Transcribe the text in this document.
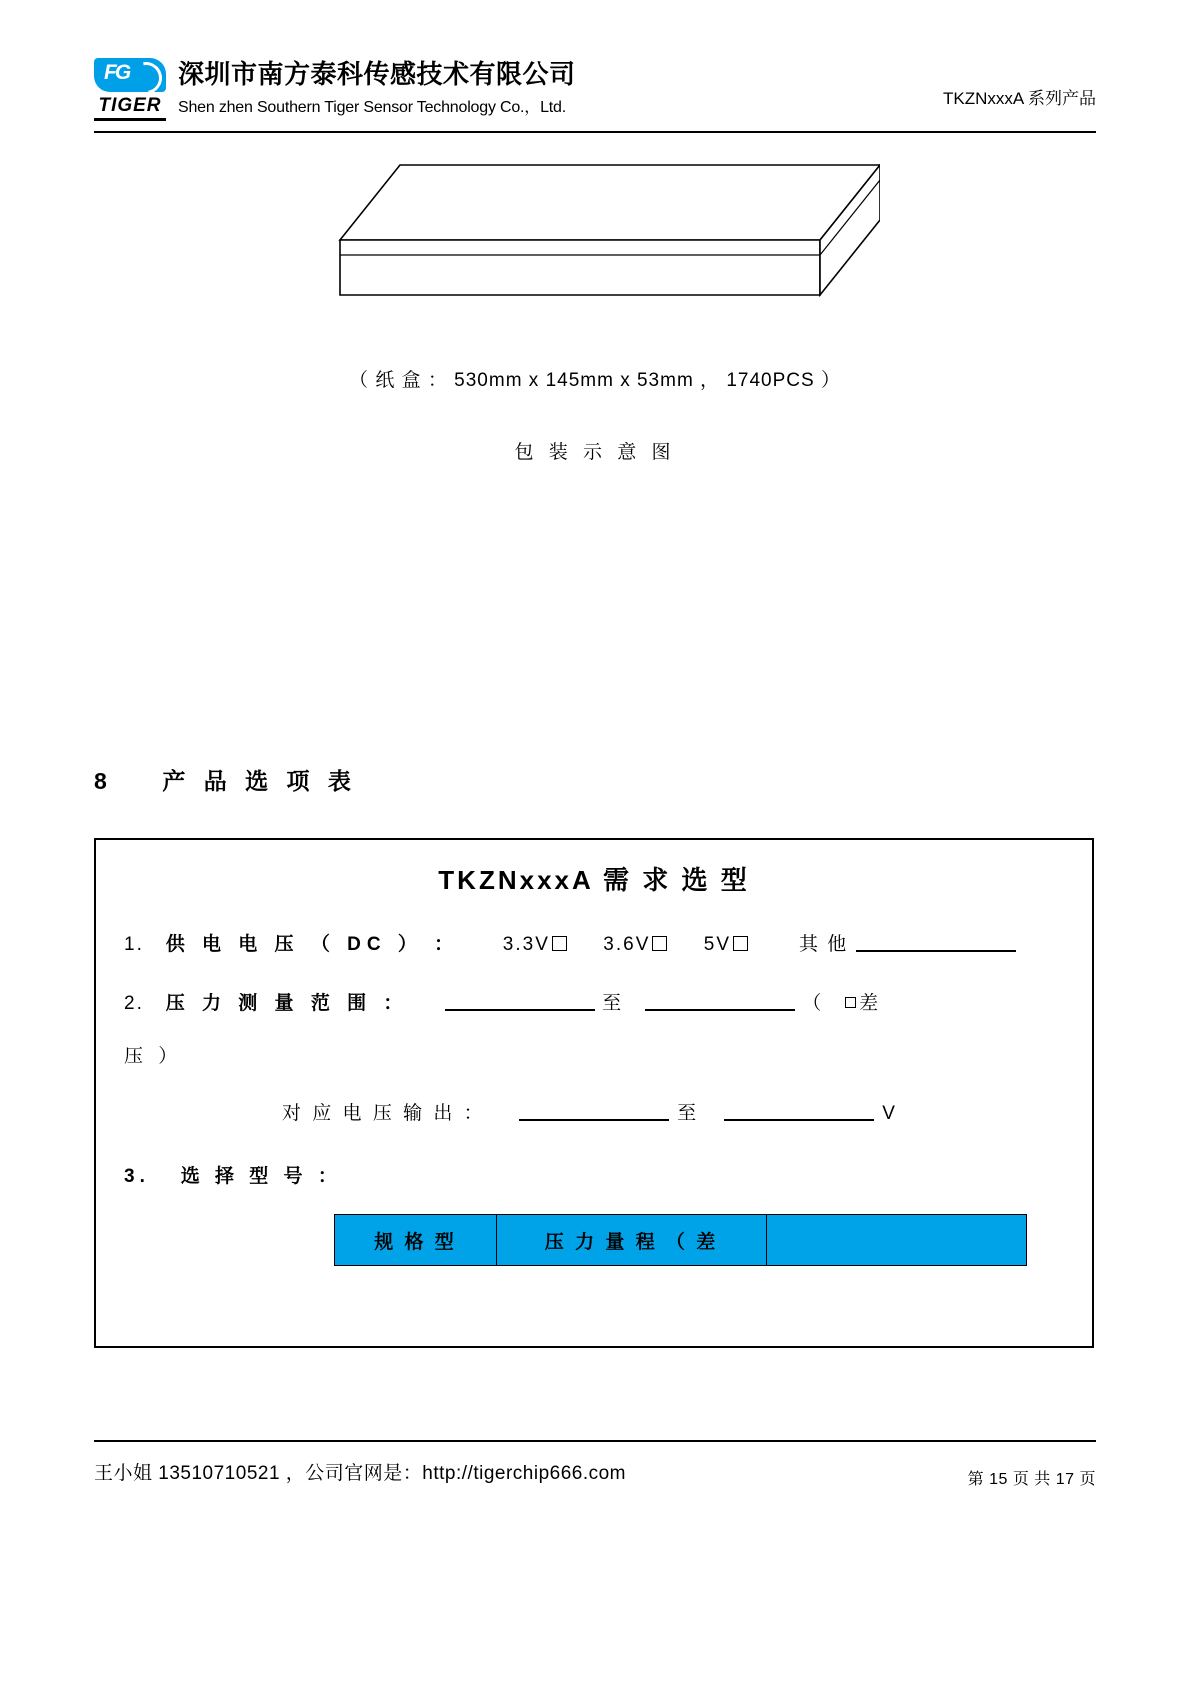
FG
TIGER
深圳市南方泰科传感技术有限公司
Shen zhen Southern Tiger Sensor Technology Co.，Ltd.	TKZNxxxA 系列产品
（ 纸 盒 ： 530mm x 145mm x 53mm ， 1740PCS ）
包 装 示 意 图
8 产 品 选 项 表
TKZNxxxA 需 求 选 型
1. 供 电 电 压 （ DC ） ： 3.3V	3.6V	5V	其 他
2. 压 力 测 量 范 围 ：	至	（ 差
压 ）
对 应 电 压 输 出 ：	至	V
3. 选 择 型 号 ：
规 格 型	压 力 量 程 （ 差	
王小姐 13510710521 ，公司官网是：http://tigerchip666.com	第 15 页 共 17 页
